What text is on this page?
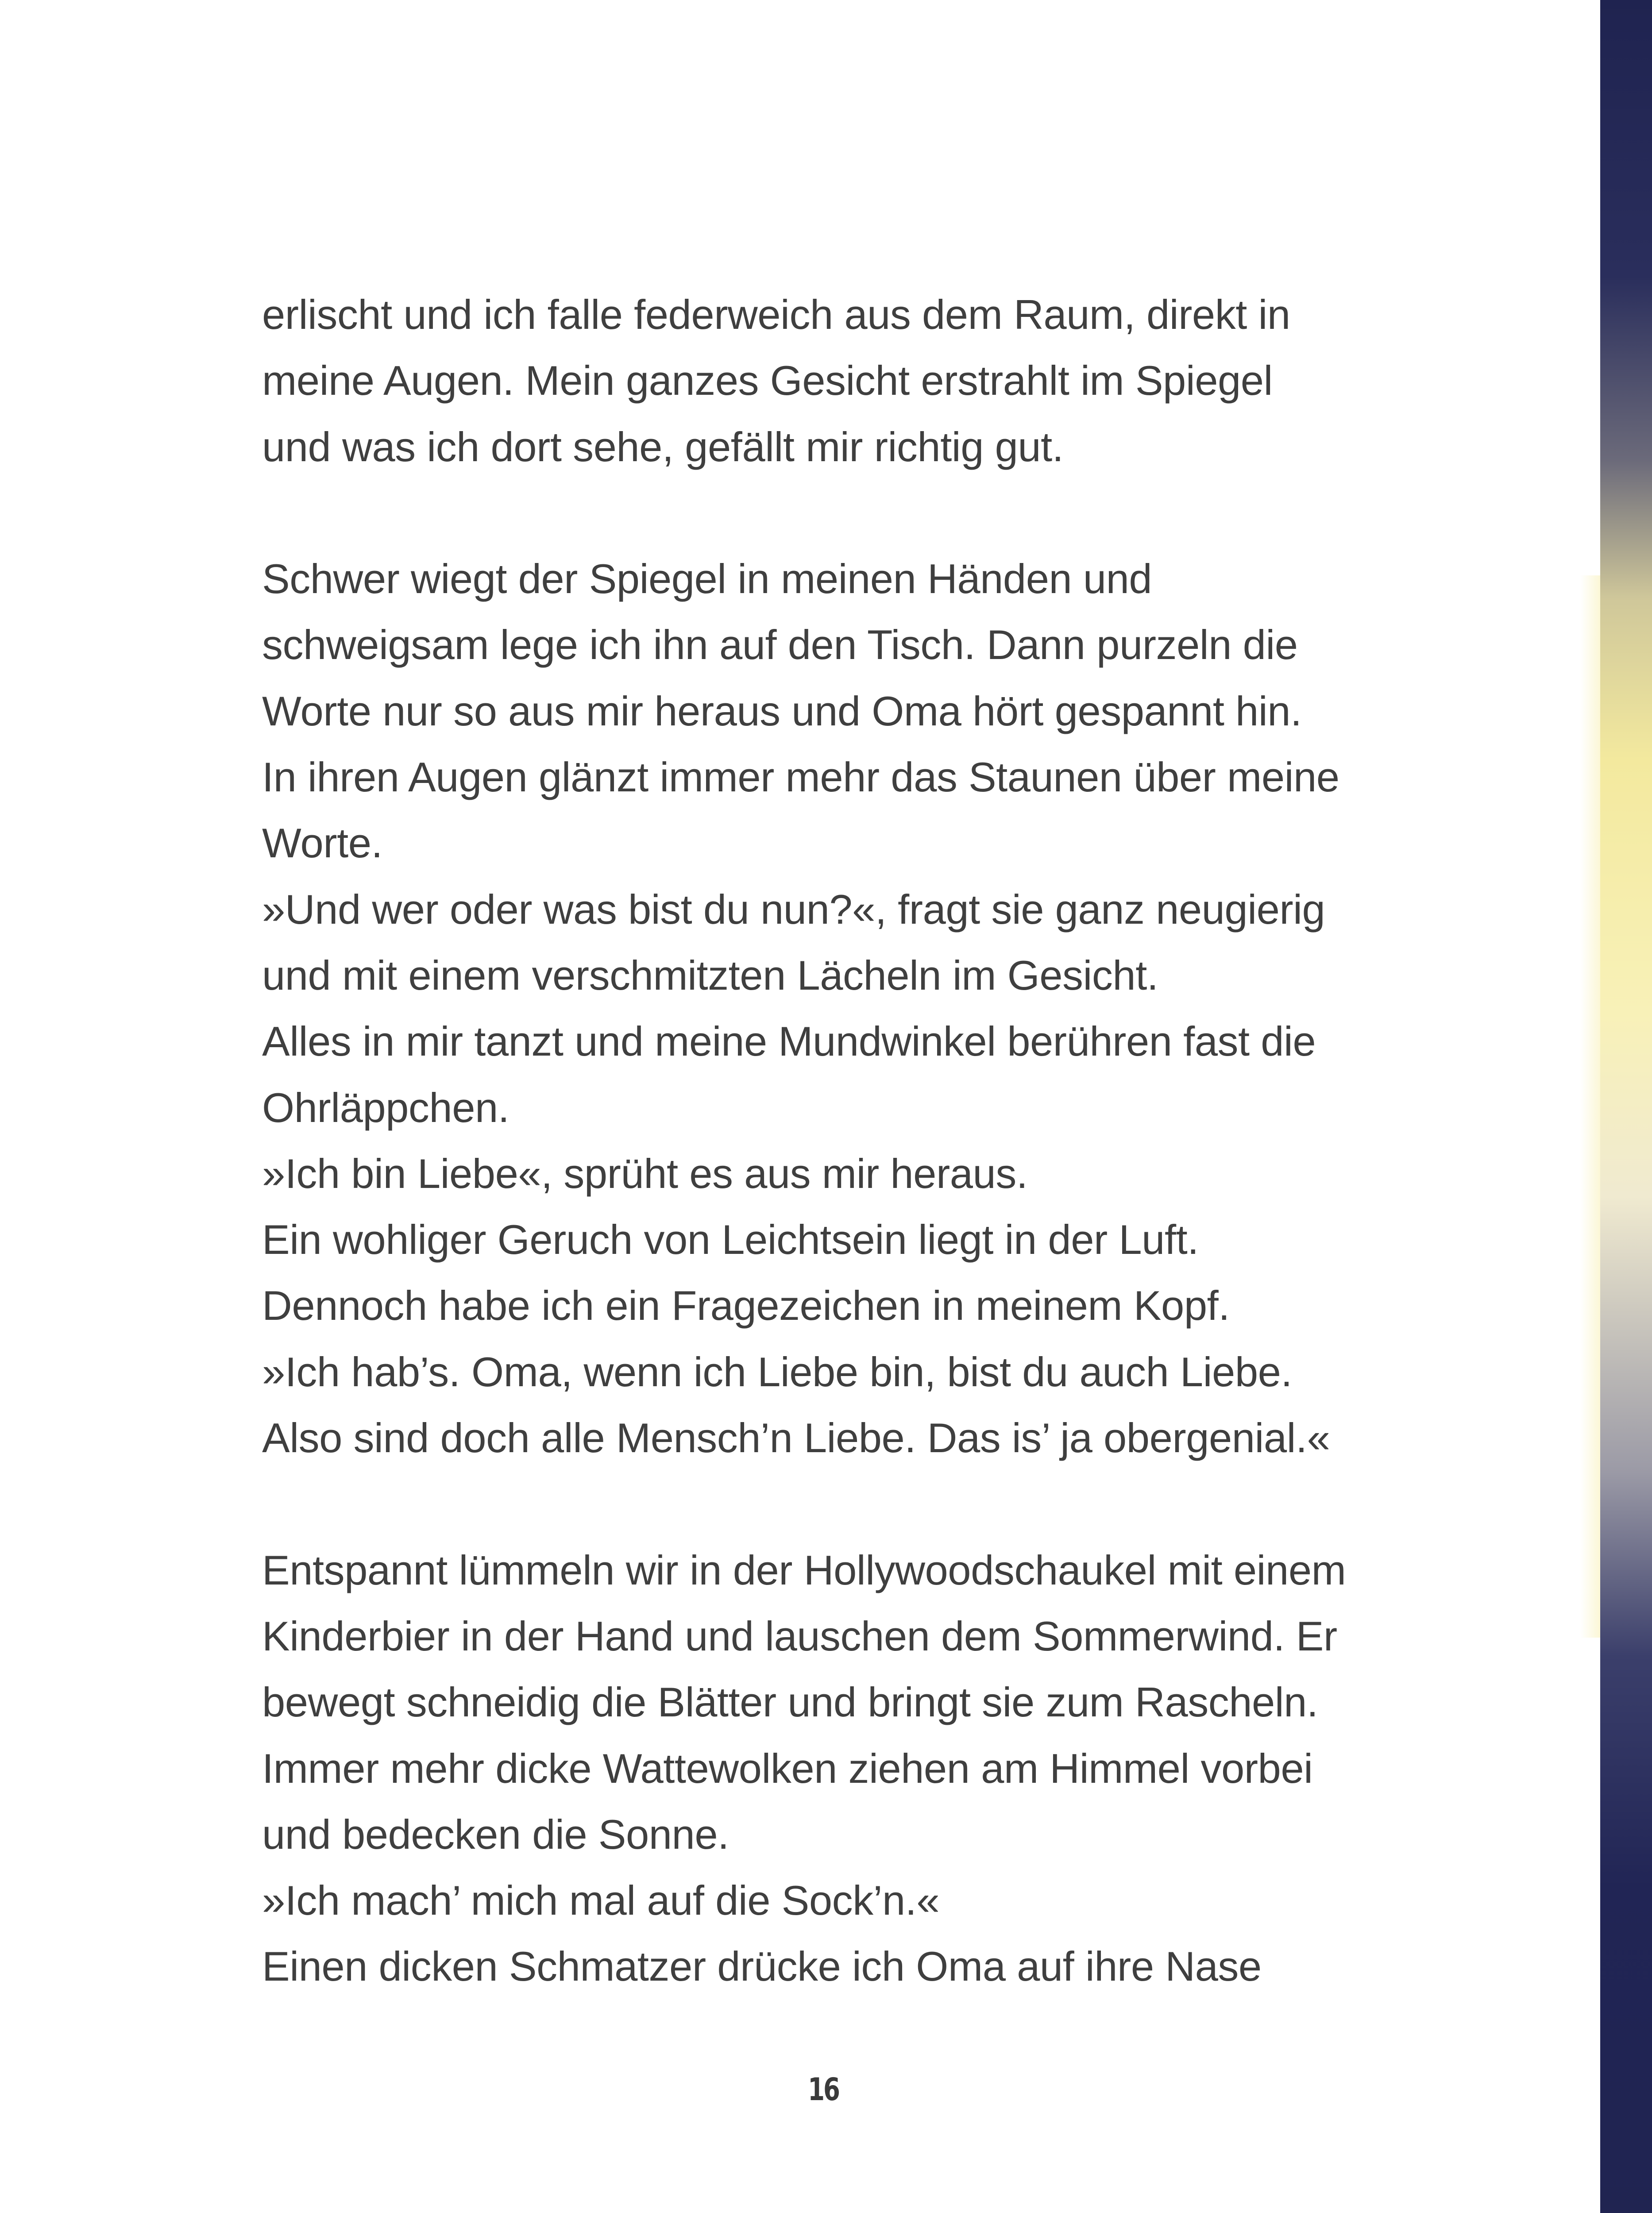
erlischt und ich falle federweich aus dem Raum, direkt in
meine Augen. Mein ganzes Gesicht erstrahlt im Spiegel
und was ich dort sehe, gefällt mir richtig gut.
Schwer wiegt der Spiegel in meinen Händen und
schweigsam lege ich ihn auf den Tisch. Dann purzeln die
Worte nur so aus mir heraus und Oma hört gespannt hin.
In ihren Augen glänzt immer mehr das Staunen über meine
Worte.
»Und wer oder was bist du nun?«, fragt sie ganz neugierig
und mit einem verschmitzten Lächeln im Gesicht.
Alles in mir tanzt und meine Mundwinkel berühren fast die
Ohrläppchen.
»Ich bin Liebe«, sprüht es aus mir heraus.
Ein wohliger Geruch von Leichtsein liegt in der Luft.
Dennoch habe ich ein Fragezeichen in meinem Kopf.
»Ich hab’s. Oma, wenn ich Liebe bin, bist du auch Liebe.
Also sind doch alle Mensch’n Liebe. Das is’ ja obergenial.«
Entspannt lümmeln wir in der Hollywoodschaukel mit einem
Kinderbier in der Hand und lauschen dem Sommerwind. Er
bewegt schneidig die Blätter und bringt sie zum Rascheln.
Immer mehr dicke Wattewolken ziehen am Himmel vorbei
und bedecken die Sonne.
»Ich mach’ mich mal auf die Sock’n.«
Einen dicken Schmatzer drücke ich Oma auf ihre Nase
16
